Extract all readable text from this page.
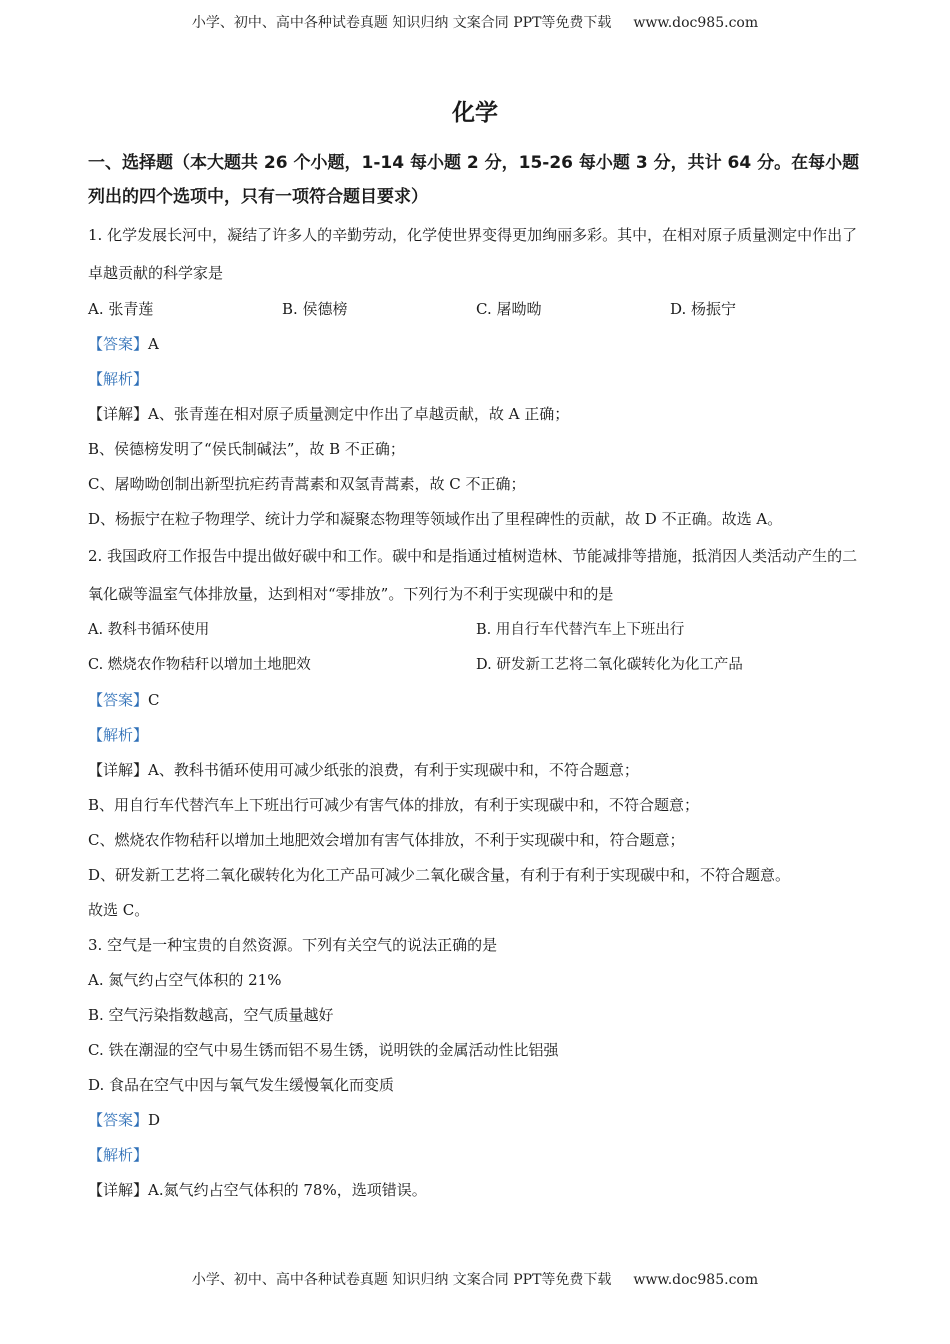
小学、初中、高中各种试卷真题 知识归纳 文案合同 PPT等免费下载 www.doc985.com
化学
一、选择题（本大题共 26 个小题，1-14 每小题 2 分，15-26 每小题 3 分，共计 64 分。在每小题列出的四个选项中，只有一项符合题目要求）
1. 化学发展长河中，凝结了许多人的辛勤劳动，化学使世界变得更加绚丽多彩。其中，在相对原子质量测定中作出了卓越贡献的科学家是
A. 张青莲	B. 侯德榜	C. 屠呦呦	D. 杨振宁
【答案】A
【解析】
【详解】A、张青莲在相对原子质量测定中作出了卓越贡献，故 A 正确；
B、侯德榜发明了“侯氏制碱法”，故 B 不正确；
C、屠呦呦创制出新型抗疟药青蒿素和双氢青蒿素，故 C 不正确；
D、杨振宁在粒子物理学、统计力学和凝聚态物理等领域作出了里程碑性的贡献，故 D 不正确。故选 A。
2. 我国政府工作报告中提出做好碳中和工作。碳中和是指通过植树造林、节能减排等措施，抵消因人类活动产生的二氧化碳等温室气体排放量，达到相对“零排放”。下列行为不利于实现碳中和的是
A. 教科书循环使用	B. 用自行车代替汽车上下班出行
C. 燃烧农作物秸秆以增加土地肥效	D. 研发新工艺将二氧化碳转化为化工产品
【答案】C
【解析】
【详解】A、教科书循环使用可减少纸张的浪费，有利于实现碳中和，不符合题意；
B、用自行车代替汽车上下班出行可减少有害气体的排放，有利于实现碳中和，不符合题意；
C、燃烧农作物秸秆以增加土地肥效会增加有害气体排放，不利于实现碳中和，符合题意；
D、研发新工艺将二氧化碳转化为化工产品可减少二氧化碳含量，有利于有利于实现碳中和，不符合题意。
故选 C。
3. 空气是一种宝贵的自然资源。下列有关空气的说法正确的是
A. 氮气约占空气体积的 21%
B. 空气污染指数越高，空气质量越好
C. 铁在潮湿的空气中易生锈而铝不易生锈，说明铁的金属活动性比铝强
D. 食品在空气中因与氧气发生缓慢氧化而变质
【答案】D
【解析】
【详解】A.氮气约占空气体积的 78%，选项错误。
小学、初中、高中各种试卷真题 知识归纳 文案合同 PPT等免费下载 www.doc985.com
